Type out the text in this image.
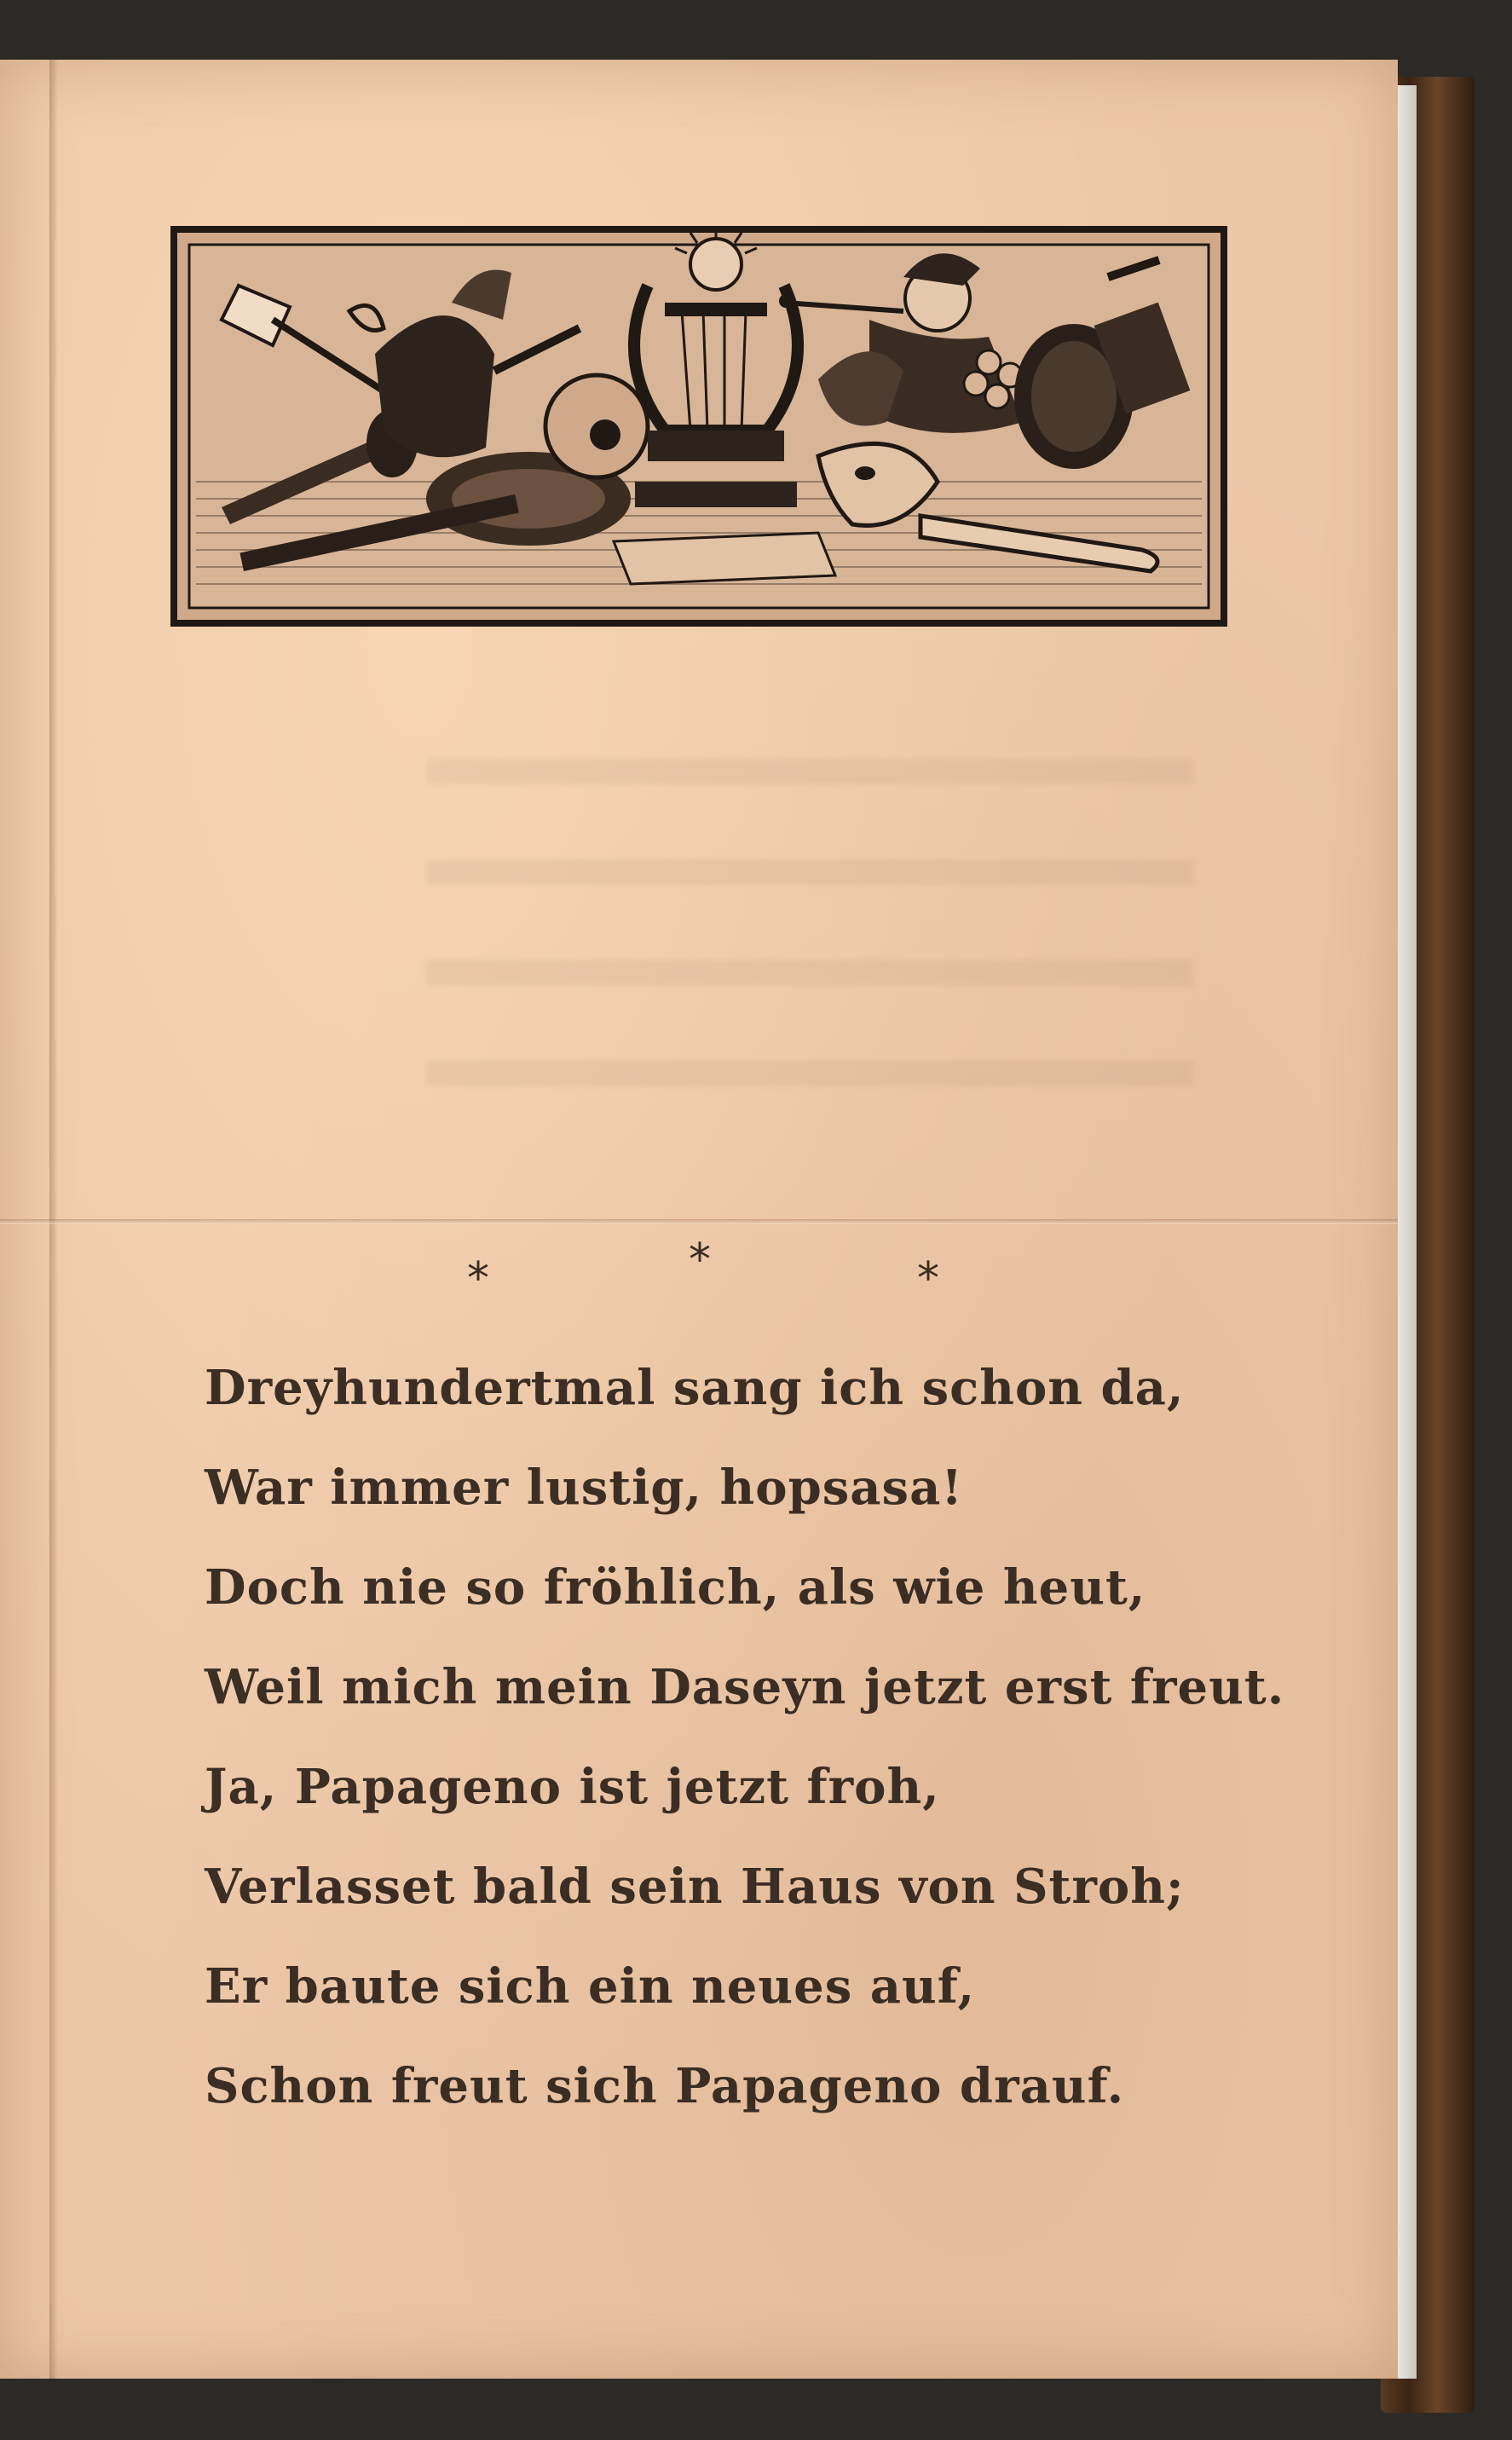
*	*	*
Dreyhundertmal sang ich schon da,
War immer lustig, hopsasa!
Doch nie so fröhlich, als wie heut,
Weil mich mein Daseyn jetzt erst freut.
Ja, Papageno ist jetzt froh,
Verlasset bald sein Haus von Stroh;
Er baute sich ein neues auf,
Schon freut sich Papageno drauf.
